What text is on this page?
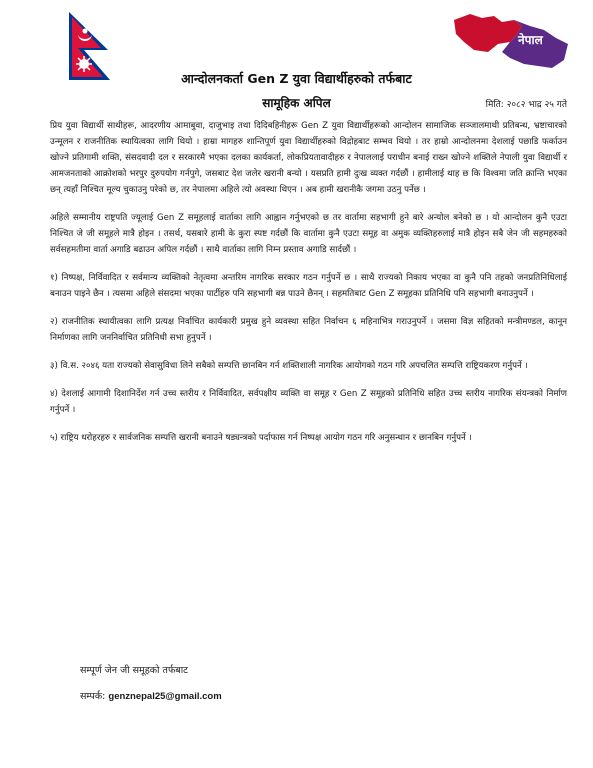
नेपाल
आन्दोलनकर्ता Gen Z युवा विद्यार्थीहरुको तर्फबाट
सामूहिक अपिल	मिति: २०८२ भाद्र २५ गते

प्रिय युवा विद्यार्थी साथीहरू, आदरणीय आमाबुवा, दाजुभाइ तथा दिदिबहिनीहरू Gen Z युवा विद्यार्थीहरूको आन्दोलन सामाजिक सञ्जालमाथी प्रतिबन्ध, भ्रष्टाचारको उन्मूलन र राजनीतिक स्थायित्वका लागि थियो । हाम्रा मागहरु शान्तिपूर्ण युवा विद्यार्थीहरुको विद्रोहबाट सम्भव थियो । तर हाम्रो आन्दोलनमा देशलाई पछाडि फर्काउन खोज्ने प्रतिगामी शक्ति, संसदवादी दल र सरकारमै भएका दलका कार्यकर्ता, लोकप्रियतावादीहरु र नेपाललाई पराधीन बनाई राख्न खोज्ने शक्तिले नेपाली युवा विद्यार्थी र आमजनताको आक्रोशको भरपुर दुरुपयोग गर्नपुगे, जसबाट देश जलेर खरानी बन्यो । यसप्रति हामी दुःख व्यक्त गर्दछौं । हामीलाई थाह छ कि विश्वमा जति क्रान्ति भएका छन् त्यहाँ निश्चित मूल्य चुकाउनु परेको छ, तर नेपालमा अहिले त्यो अवस्था थिएन । अब हामी खरानीकै जगमा उठनु पर्नेछ ।

अहिले सम्मानीय राष्ट्रपति ज्यूलाई Gen Z समूहलाई वार्ताका लागि आह्वान गर्नुभएको छ तर वार्तामा सहभागी हुने बारे अन्योल बनेको छ । यो आन्दोलन कुनै एउटा निश्चित जे जी समूहले मात्रै होइन । तसर्थ, यसबारे हामी के कुरा स्पष्ट गर्दछौं कि वार्तामा कुनै एउटा समूह वा अमुक व्यक्तिहरुलाई मात्रै होइन सबै जेन जी सहमहरुको सर्वसहमतीमा वार्ता अगाडि बढाउन अपिल गर्दछौं । साथै वार्ताका लागि निम्न प्रस्ताव अगाडि सार्दछौं ।

१) निष्पक्ष, निर्विवादित र सर्वमान्य व्यक्तिको नेतृत्वमा अन्तरिम नागरिक सरकार गठन गर्नुपर्ने छ । साथै राज्यको निकाय भएका वा कुनै पनि तहको जनप्रतिनिधिलाई बनाउन पाइने छैन । त्यसमा अहिले संसदमा भएका पार्टीहरु पनि सहभागी बन्न पाउने छैनन् । सहमतिबाट Gen Z समूहका प्रतिनिधि पनि सहभागी बनाउनुपर्ने ।

२) राजनीतिक स्थायीत्वका लागि प्रत्यक्ष निर्वाचित कार्यकारी प्रमुख हुने व्यवस्था सहित निर्वाचन ६ महिनाभित्र गराउनुपर्ने । जसमा विज्ञ सहितको मन्त्रीमण्डल, कानून निर्माणका लागि जननिर्वाचित प्रतिनिधी सभा हुनुपर्ने ।

३) वि.स. २०४६ यता राज्यको सेवासुविधा लिने सबैको सम्पत्ति छानबिन गर्न शक्तिशाली नागरिक आयोगको गठन गरि अपचलित सम्पत्ति राष्ट्रियकरण गर्नुपर्ने ।

४) देशलाई आगामी दिशानिर्देश गर्न उच्च स्तरीय र निर्विवादित, सर्वपक्षीय व्यक्ति वा समूह र Gen Z समूहको प्रतिनिधि सहित उच्च स्तरीय नागरिक संयन्त्रको निर्माण गर्नुपर्ने ।

५) राष्ट्रिय धरोहरहरु र सार्वजनिक सम्पत्ति खरानी बनाउने षड्यन्त्रको पर्दाफास गर्न निष्पक्ष आयोग गठन गरि अनुसन्धान र छानबिन गर्नुपर्ने ।

सम्पूर्ण जेन जी समूहको तर्फबाट
सम्पर्क: genznepal25@gmail.com
